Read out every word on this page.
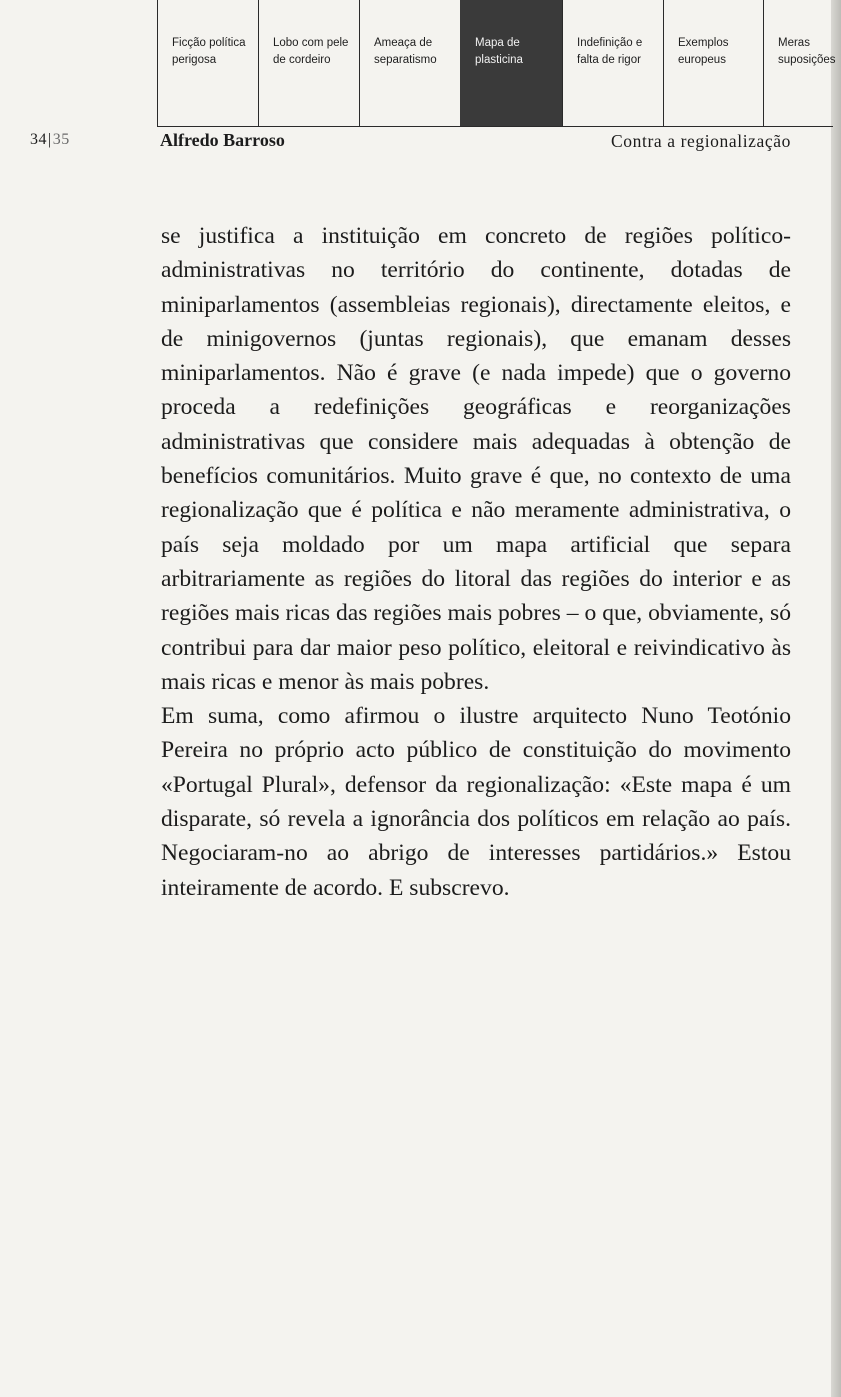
Ficção política
perigosa
Lobo com pele
de cordeiro
Ameaça de
separatismo
Mapa de
plasticina
Indefinição e
falta de rigor
Exemplos
europeus
Meras
suposições
34|35	Alfredo Barroso	Contra a regionalização

se justifica a instituição em concreto de regiões político-administrativas no território do continente, dotadas de miniparlamentos (assembleias regionais), directamente eleitos, e de minigovernos (juntas regionais), que emanam desses miniparlamentos. Não é grave (e nada impede) que o governo proceda a redefinições geográficas e reorganizações administrativas que considere mais adequadas à obtenção de benefícios comunitários. Muito grave é que, no contexto de uma regionalização que é política e não meramente administrativa, o país seja moldado por um mapa artificial que separa arbitrariamente as regiões do litoral das regiões do interior e as regiões mais ricas das regiões mais pobres – o que, obviamente, só contribui para dar maior peso político, eleitoral e reivindicativo às mais ricas e menor às mais pobres.

Em suma, como afirmou o ilustre arquitecto Nuno Teotónio Pereira no próprio acto público de constituição do movimento «Portugal Plural», defensor da regionalização: «Este mapa é um disparate, só revela a ignorância dos políticos em relação ao país. Negociaram-no ao abrigo de interesses partidários.» Estou inteiramente de acordo. E subscrevo.
